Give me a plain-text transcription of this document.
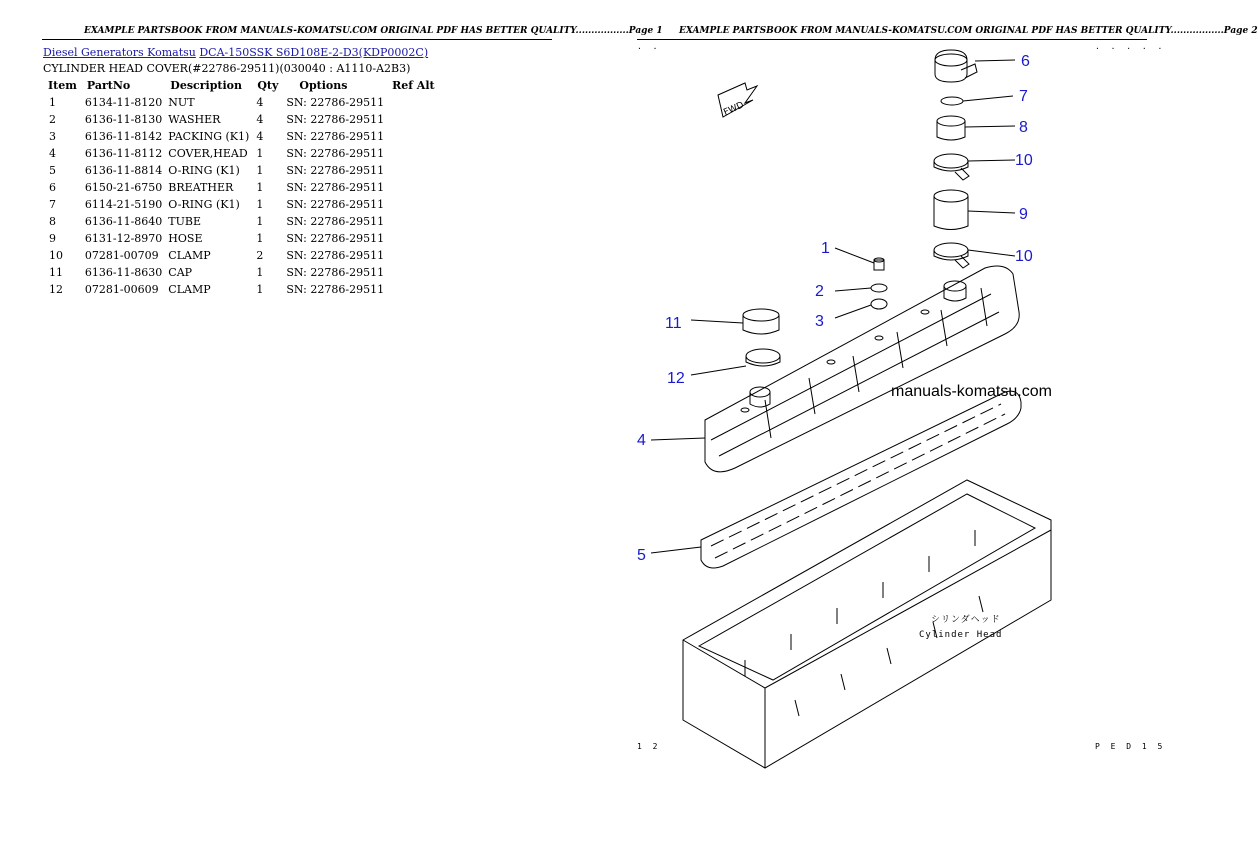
EXAMPLE PARTSBOOK FROM MANUALS-KOMATSU.COM ORIGINAL PDF HAS BETTER QUALITY.................Page 1
Diesel Generators Komatsu DCA-150SSK S6D108E-2-D3(KDP0002C)
CYLINDER HEAD COVER(#22786-29511)(030040 : A1110-A2B3)
Item	PartNo	Description	Qty	Options	Ref Alt
1	6134-11-8120	NUT	4	SN: 22786-29511	
2	6136-11-8130	WASHER	4	SN: 22786-29511	
3	6136-11-8142	PACKING (K1)	4	SN: 22786-29511	
4	6136-11-8112	COVER,HEAD	1	SN: 22786-29511	
5	6136-11-8814	O-RING (K1)	1	SN: 22786-29511	
6	6150-21-6750	BREATHER	1	SN: 22786-29511	
7	6114-21-5190	O-RING (K1)	1	SN: 22786-29511	
8	6136-11-8640	TUBE	1	SN: 22786-29511	
9	6131-12-8970	HOSE	1	SN: 22786-29511	
10	07281-00709	CLAMP	2	SN: 22786-29511	
11	6136-11-8630	CAP	1	SN: 22786-29511	
12	07281-00609	CLAMP	1	SN: 22786-29511	
EXAMPLE PARTSBOOK FROM MANUALS-KOMATSU.COM ORIGINAL PDF HAS BETTER QUALITY.................Page 2
· ·	· · · · ·
1 2	P E D 1 5
6
7
8
10
9
10
1
2
3
11
12
4
5
FWD
manuals-komatsu.com
シリンダヘッド
Cylinder Head
